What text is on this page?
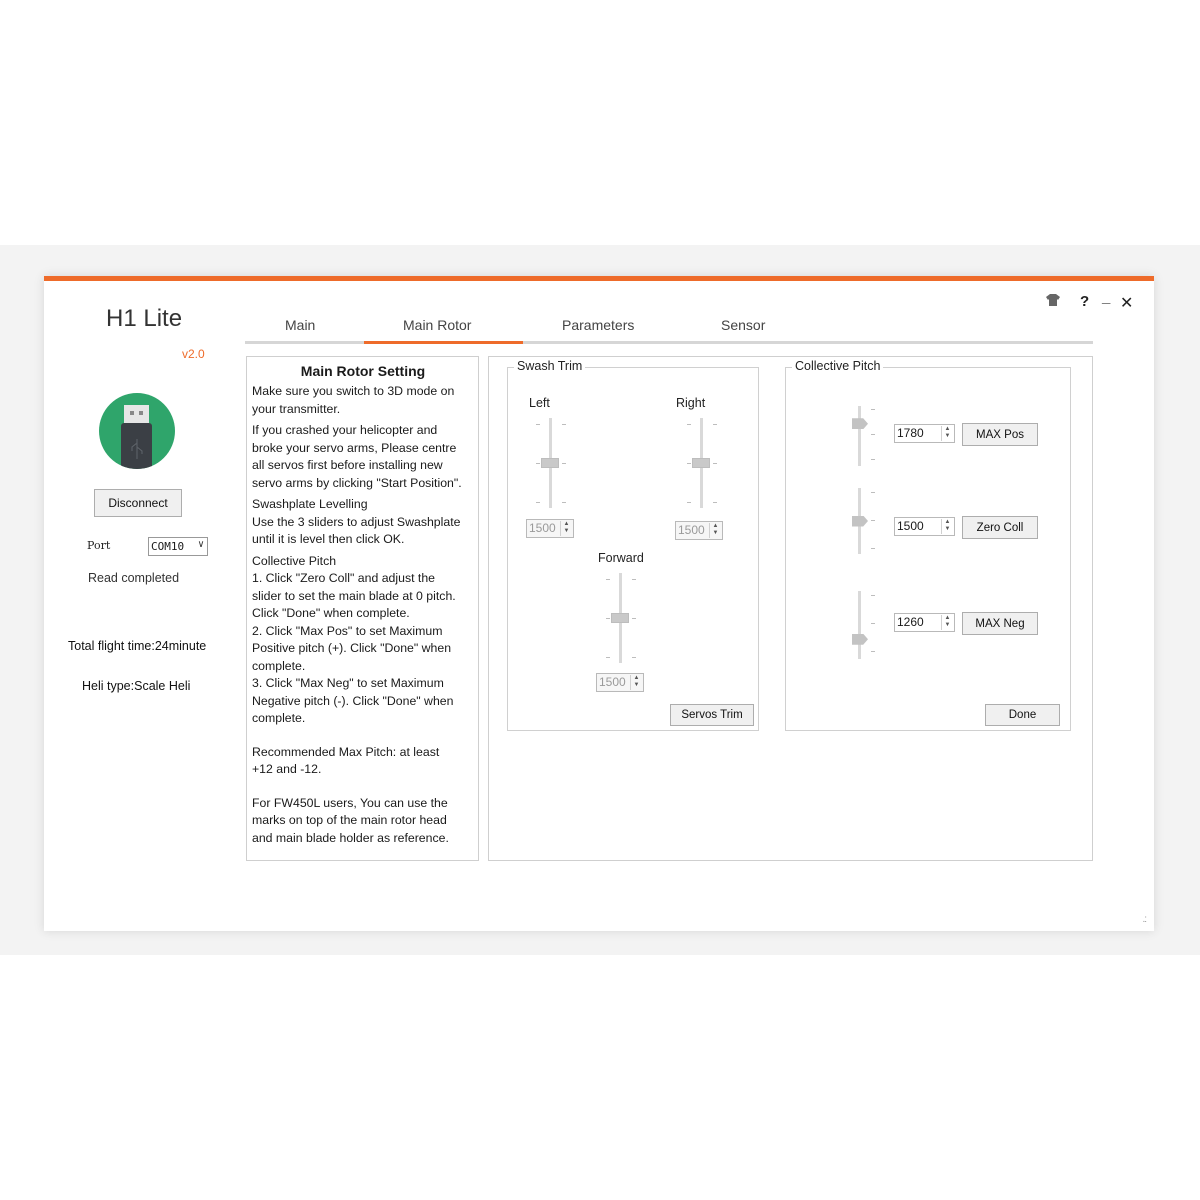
? _ ✕
H1 Lite
v2.0
Disconnect
Port	COM10 ∨
Read completed
Total flight time:24minute
Heli type:Scale Heli
Main	Main Rotor	Parameters	Sensor
Main Rotor Setting

Make sure you switch to 3D mode on
your transmitter.

If you crashed your helicopter and
broke your servo arms, Please centre
all servos first before installing new
servo arms by clicking "Start Position".

Swashplate Levelling
Use the 3 sliders to adjust Swashplate
until it is level then click OK.

Collective Pitch
1. Click "Zero Coll" and adjust the
slider to set the main blade at 0 pitch.
Click "Done" when complete.
2. Click "Max Pos" to set Maximum
Positive pitch (+). Click "Done" when
complete.
3. Click "Max Neg" to set Maximum
Negative pitch (-). Click "Done" when
complete.

Recommended Max Pitch: at least
+12 and -12.

For FW450L users, You can use the
marks on top of the main rotor head
and main blade holder as reference.

Swash Trim
Left
1500	▲
▼
Right
1500	▲
▼
Forward
1500	▲
▼
Servos Trim
Collective Pitch
1780	▲
▼	MAX Pos
1500	▲
▼	Zero Coll
1260	▲
▼	MAX Neg
Done
.:
